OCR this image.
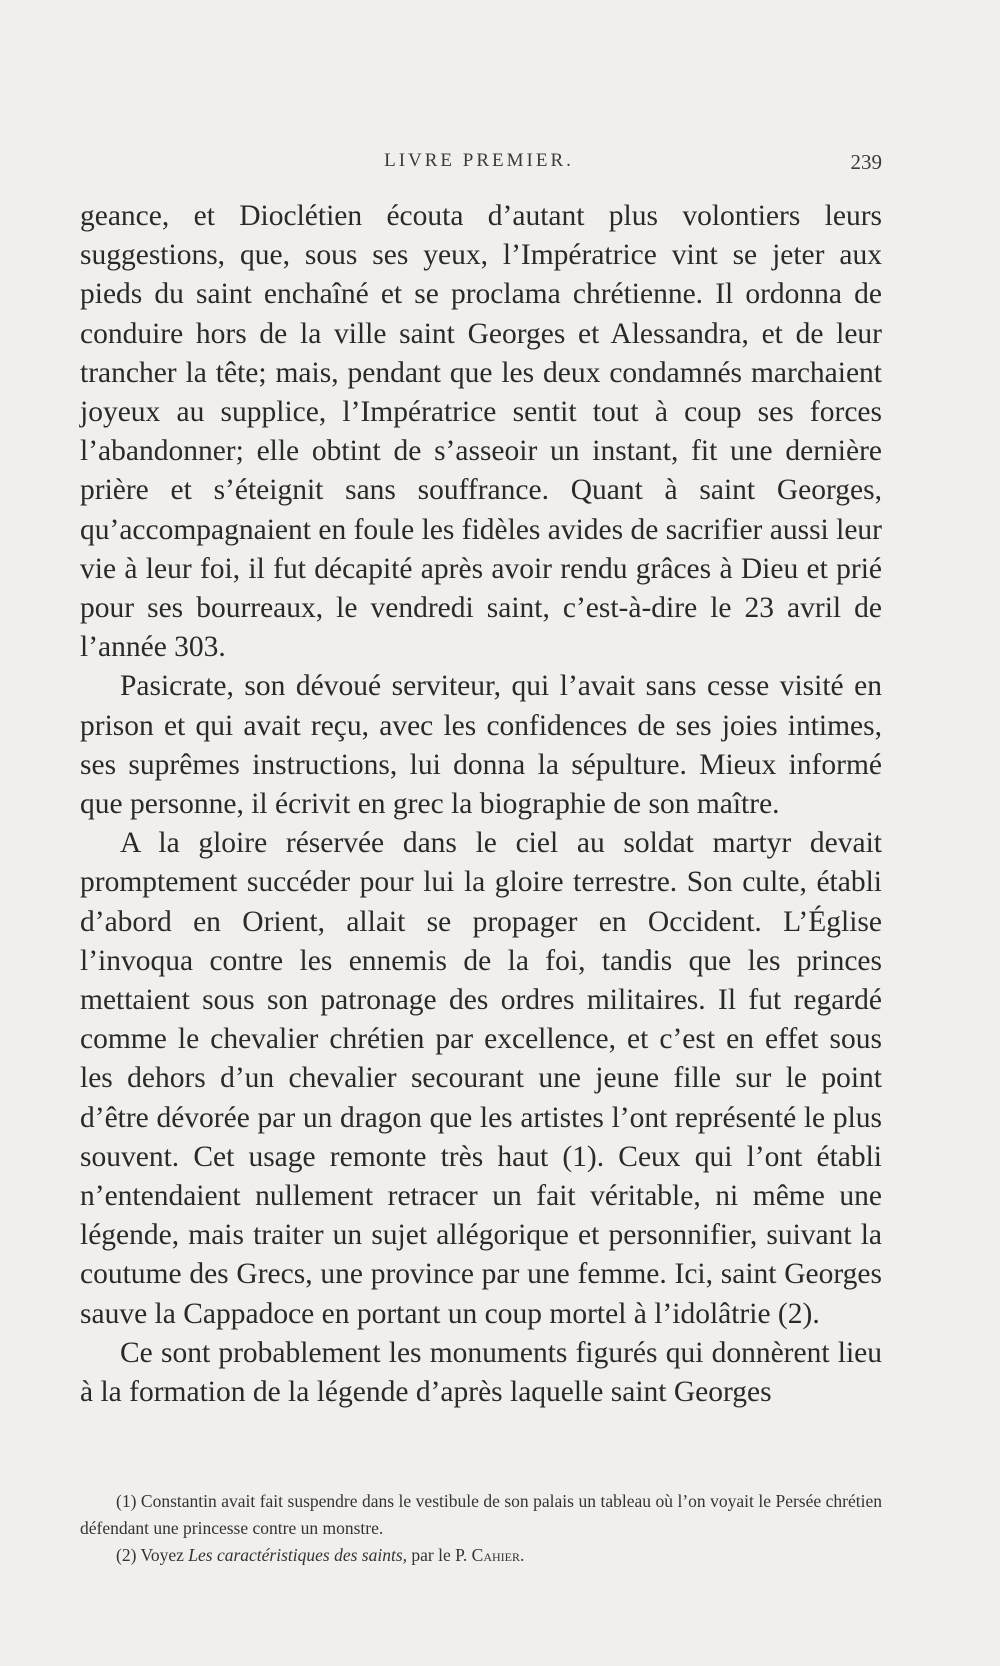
LIVRE PREMIER.	239

geance, et Dioclétien écouta d’autant plus volontiers leurs suggestions, que, sous ses yeux, l’Impératrice vint se jeter aux pieds du saint enchaîné et se proclama chrétienne. Il ordonna de conduire hors de la ville saint Georges et Alessandra, et de leur trancher la tête; mais, pendant que les deux condamnés marchaient joyeux au supplice, l’Impératrice sentit tout à coup ses forces l’abandonner; elle obtint de s’asseoir un instant, fit une dernière prière et s’éteignit sans souffrance. Quant à saint Georges, qu’accompagnaient en foule les fidèles avides de sacrifier aussi leur vie à leur foi, il fut décapité après avoir rendu grâces à Dieu et prié pour ses bourreaux, le vendredi saint, c’est-à-dire le 23 avril de l’année 303.

Pasicrate, son dévoué serviteur, qui l’avait sans cesse visité en prison et qui avait reçu, avec les confidences de ses joies intimes, ses suprêmes instructions, lui donna la sépulture. Mieux informé que personne, il écrivit en grec la biographie de son maître.

A la gloire réservée dans le ciel au soldat martyr devait promptement succéder pour lui la gloire terrestre. Son culte, établi d’abord en Orient, allait se propager en Occident. L’Église l’invoqua contre les ennemis de la foi, tandis que les princes mettaient sous son patronage des ordres militaires. Il fut regardé comme le chevalier chrétien par excellence, et c’est en effet sous les dehors d’un chevalier secourant une jeune fille sur le point d’être dévorée par un dragon que les artistes l’ont représenté le plus souvent. Cet usage remonte très haut (1). Ceux qui l’ont établi n’entendaient nullement retracer un fait véritable, ni même une légende, mais traiter un sujet allégorique et personnifier, suivant la coutume des Grecs, une province par une femme. Ici, saint Georges sauve la Cappadoce en portant un coup mortel à l’idolâtrie (2).

Ce sont probablement les monuments figurés qui donnèrent lieu à la formation de la légende d’après laquelle saint Georges

(1) Constantin avait fait suspendre dans le vestibule de son palais un tableau où l’on voyait le Persée chrétien défendant une princesse contre un monstre.

(2) Voyez Les caractéristiques des saints, par le P. Cahier.
